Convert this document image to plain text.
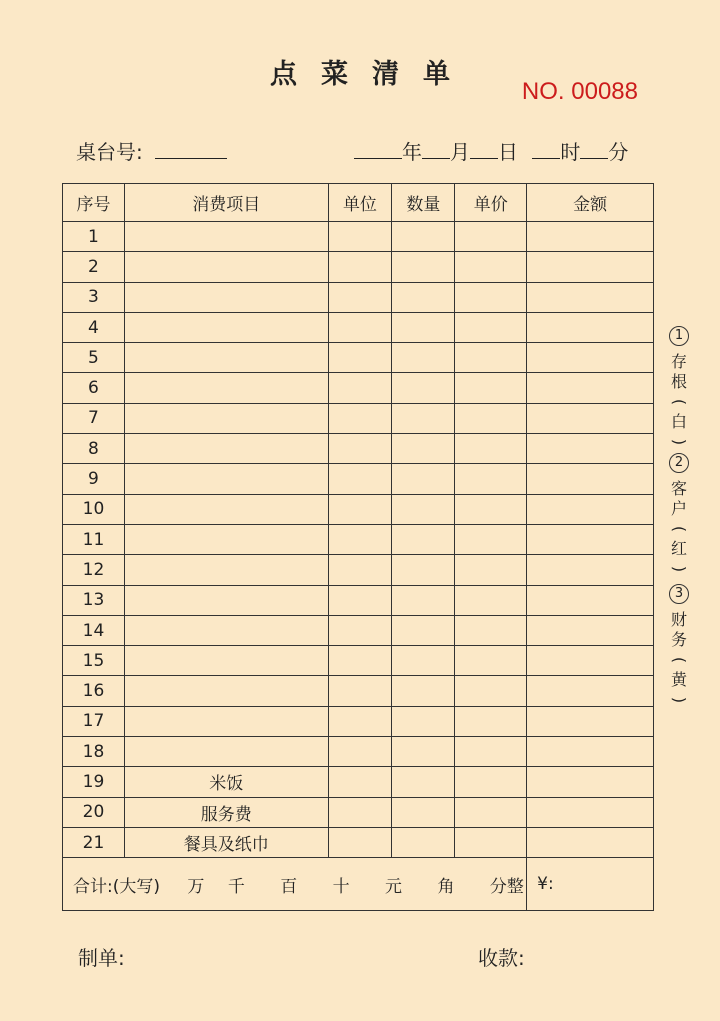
点 菜 清 单
NO. 00088
桌台号:	年 月 日 时 分
序号	消费项目	单位	数量	单价	金额
1					
2					
3					
4					
5					
6					
7					
8					
9					
10					
11					
12					
13					
14					
15					
16					
17					
18					
19	米饭				
20	服务费				
21	餐具及纸巾				
合计:(大写) 万 千 百 十 元 角 分整					¥:
1
存
根
(
白
)
2
客
户
(
红
)
3
财
务
(
黄
)
制单:	收款:
